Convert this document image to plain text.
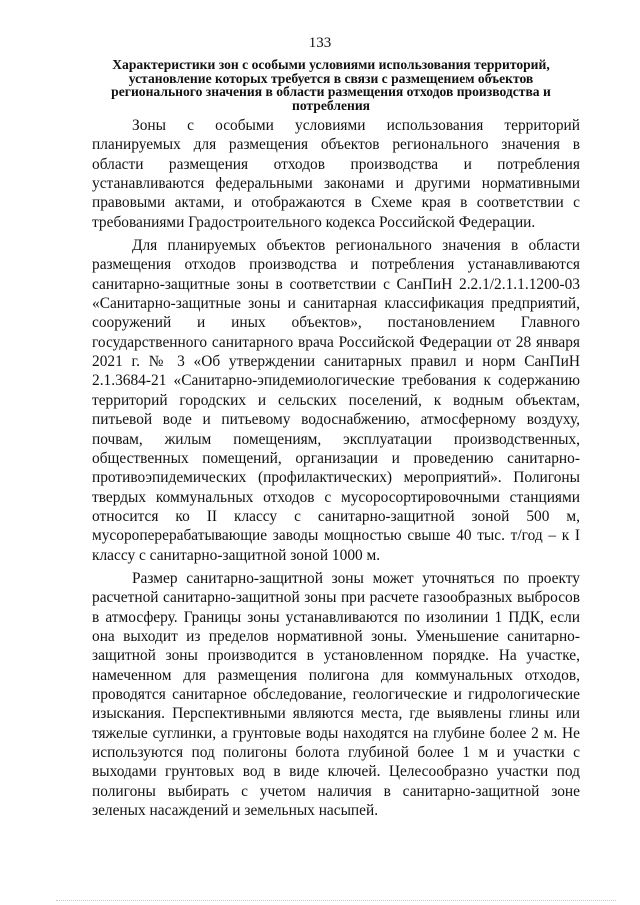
133
Характеристики зон с особыми условиями использования территорий, установление которых требуется в связи с размещением объектов регионального значения в области размещения отходов производства и потребления

Зоны с особыми условиями использования территорий планируемых для размещения объектов регионального значения в области размещения отходов производства и потребления устанавливаются федеральными законами и другими нормативными правовыми актами, и отображаются в Схеме края в соответствии с требованиями Градостроительного кодекса Российской Федерации.

Для планируемых объектов регионального значения в области размещения отходов производства и потребления устанавливаются санитарно-защитные зоны в соответствии с СанПиН 2.2.1/2.1.1.1200-03 «Санитарно-защитные зоны и санитарная классификация предприятий, сооружений и иных объектов», постановлением Главного государственного санитарного врача Российской Федерации от 28 января 2021 г. № 3 «Об утверждении санитарных правил и норм СанПиН 2.1.3684-21 «Санитарно-эпидемиологические требования к содержанию территорий городских и сельских поселений, к водным объектам, питьевой воде и питьевому водоснабжению, атмосферному воздуху, почвам, жилым помещениям, эксплуатации производственных, общественных помещений, организации и проведению санитарно-противоэпидемических (профилактических) мероприятий». Полигоны твердых коммунальных отходов с мусоросортировочными станциями относится ко II классу с санитарно-защитной зоной 500 м, мусороперерабатывающие заводы мощностью свыше 40 тыс. т/год – к I классу с санитарно-защитной зоной 1000 м.

Размер санитарно-защитной зоны может уточняться по проекту расчетной санитарно-защитной зоны при расчете газообразных выбросов в атмосферу. Границы зоны устанавливаются по изолинии 1 ПДК, если она выходит из пределов нормативной зоны. Уменьшение санитарно-защитной зоны производится в установленном порядке. На участке, намеченном для размещения полигона для коммунальных отходов, проводятся санитарное обследование, геологические и гидрологические изыскания. Перспективными являются места, где выявлены глины или тяжелые суглинки, а грунтовые воды находятся на глубине более 2 м. Не используются под полигоны болота глубиной более 1 м и участки с выходами грунтовых вод в виде ключей. Целесообразно участки под полигоны выбирать с учетом наличия в санитарно-защитной зоне зеленых насаждений и земельных насыпей.
